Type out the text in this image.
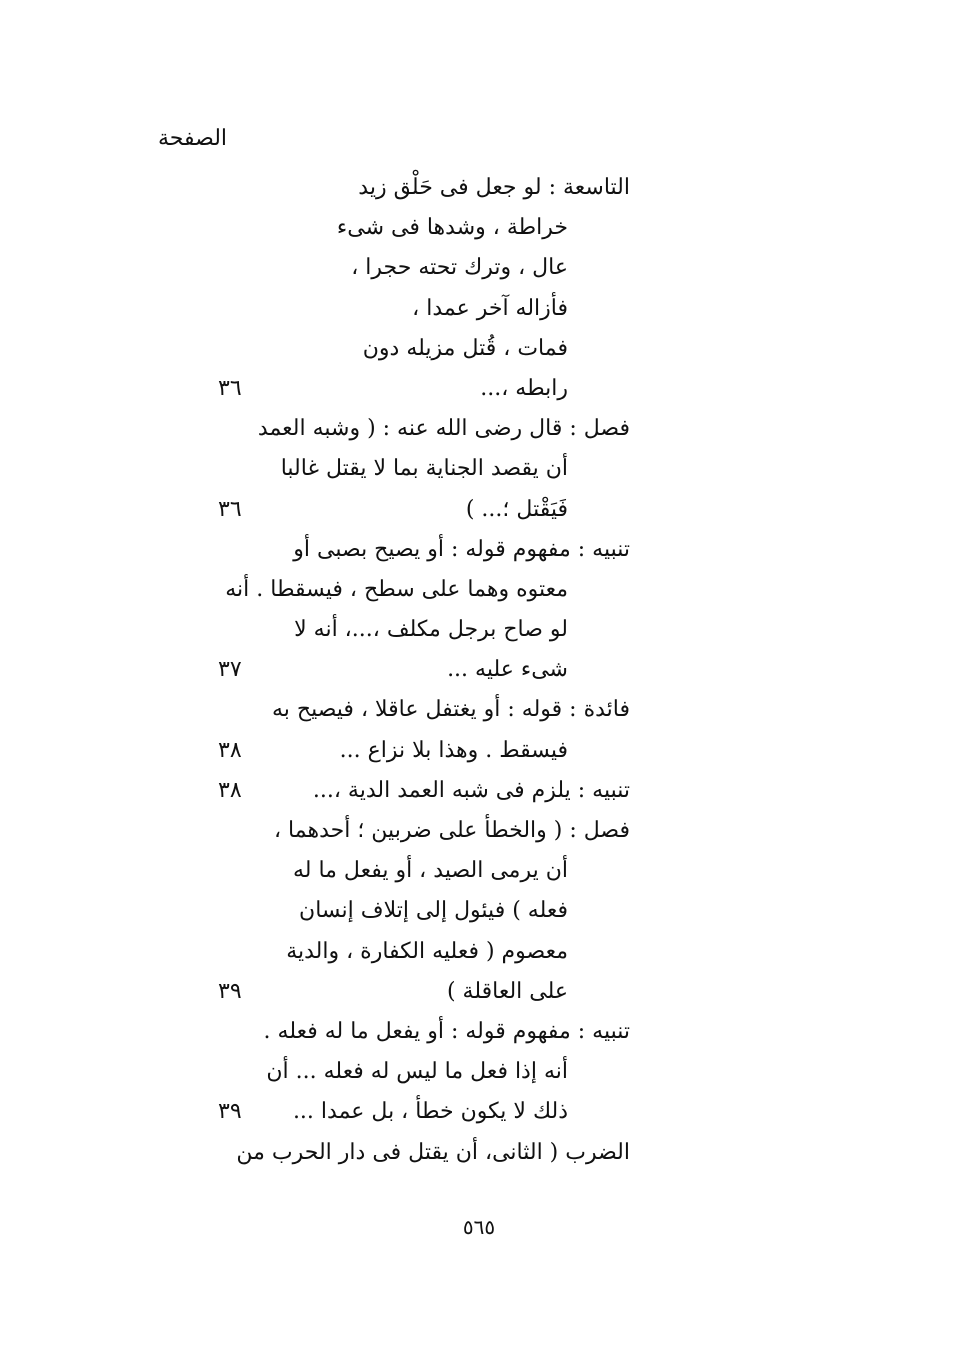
الصفحة
التاسعة : لو جعل فى حَلْق زيد
خراطة ، وشدها فى شىء
عال ، وترك تحته حجرا ،
فأزاله آخر عمدا ،
فمات ، قُتل مزيله دون
رابطه ،...
٣٦
فصل : قال رضى الله عنه : ( وشبه العمد
أن يقصد الجناية بما لا يقتل غالبا
فَيَقْتل ؛... )
٣٦
تنبيه : مفهوم قوله : أو يصيح بصبى أو
معتوه وهما على سطح ، فيسقطا . أنه
لو صاح برجل مكلف ،...، أنه لا
شىء عليه ...
٣٧
فائدة : قوله : أو يغتفل عاقلا ، فيصيح به
فيسقط . وهذا بلا نزاع ...
٣٨
تنبيه : يلزم فى شبه العمد الدية ،...
٣٨
فصل : ( والخطأ على ضربين ؛ أحدهما ،
أن يرمى الصيد ، أو يفعل ما له
فعله ) فيئول إلى إتلاف إنسان
معصوم ( فعليه الكفارة ، والدية
على العاقلة )
٣٩
تنبيه : مفهوم قوله : أو يفعل ما له فعله .
أنه إذا فعل ما ليس له فعله ... أن
ذلك لا يكون خطأ ، بل عمدا ...
٣٩
الضرب ( الثانى، أن يقتل فى دار الحرب من
٥٦٥
